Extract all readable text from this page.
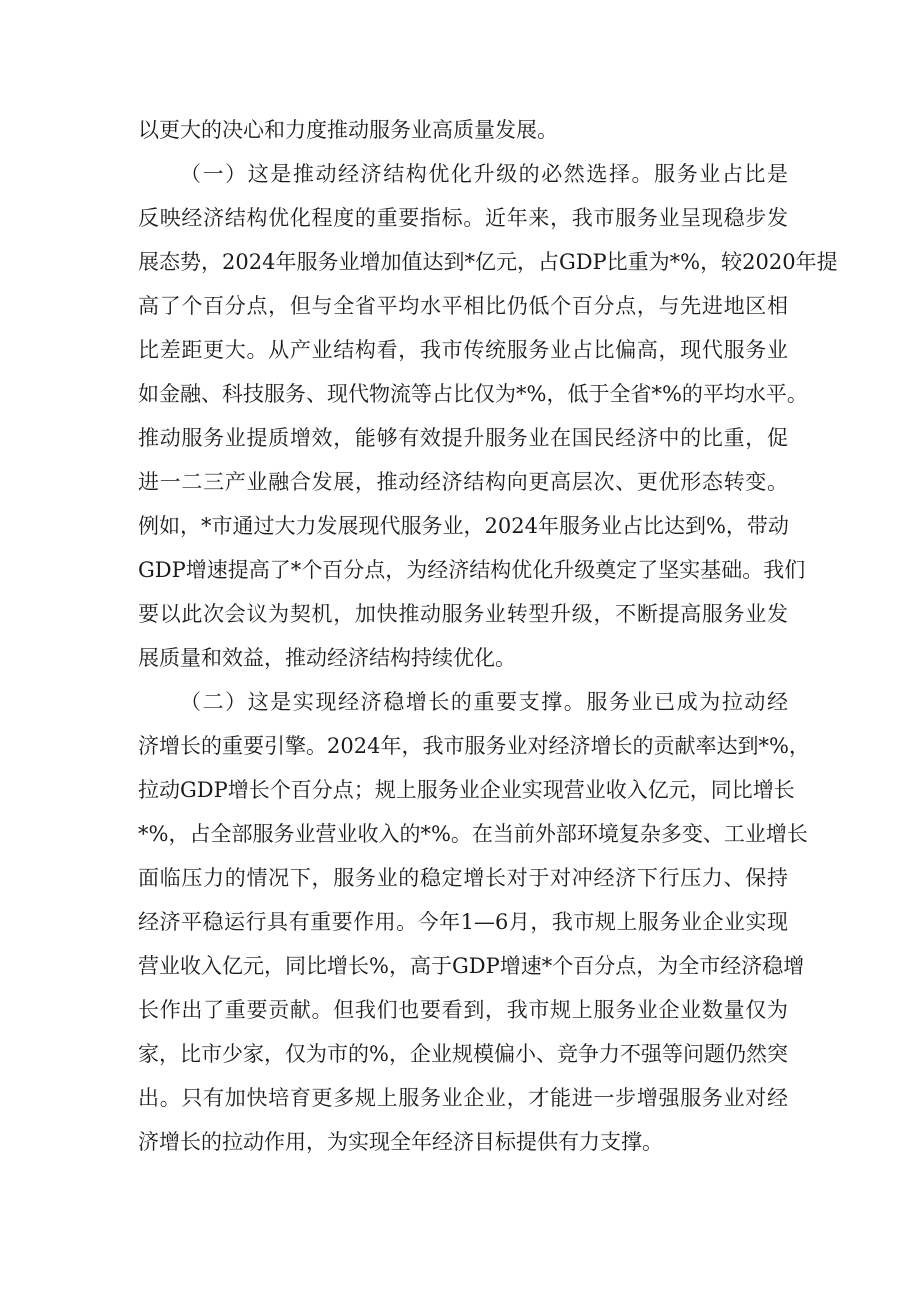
以更大的决心和力度推动服务业高质量发展。
（一）这是推动经济结构优化升级的必然选择。服务业占比是
反映经济结构优化程度的重要指标。近年来，我市服务业呈现稳步发
展态势，2024年服务业增加值达到*亿元，占GDP比重为*%，较2020年提
高了个百分点，但与全省平均水平相比仍低个百分点，与先进地区相
比差距更大。从产业结构看，我市传统服务业占比偏高，现代服务业
如金融、科技服务、现代物流等占比仅为*%，低于全省*%的平均水平。
推动服务业提质增效，能够有效提升服务业在国民经济中的比重，促
进一二三产业融合发展，推动经济结构向更高层次、更优形态转变。
例如，*市通过大力发展现代服务业，2024年服务业占比达到%，带动
GDP增速提高了*个百分点，为经济结构优化升级奠定了坚实基础。我们
要以此次会议为契机，加快推动服务业转型升级，不断提高服务业发
展质量和效益，推动经济结构持续优化。
（二）这是实现经济稳增长的重要支撑。服务业已成为拉动经
济增长的重要引擎。2024年，我市服务业对经济增长的贡献率达到*%，
拉动GDP增长个百分点；规上服务业企业实现营业收入亿元，同比增长
*%，占全部服务业营业收入的*%。在当前外部环境复杂多变、工业增长
面临压力的情况下，服务业的稳定增长对于对冲经济下行压力、保持
经济平稳运行具有重要作用。今年1—6月，我市规上服务业企业实现
营业收入亿元，同比增长%，高于GDP增速*个百分点，为全市经济稳增
长作出了重要贡献。但我们也要看到，我市规上服务业企业数量仅为
家，比市少家，仅为市的%，企业规模偏小、竞争力不强等问题仍然突
出。只有加快培育更多规上服务业企业，才能进一步增强服务业对经
济增长的拉动作用，为实现全年经济目标提供有力支撑。
